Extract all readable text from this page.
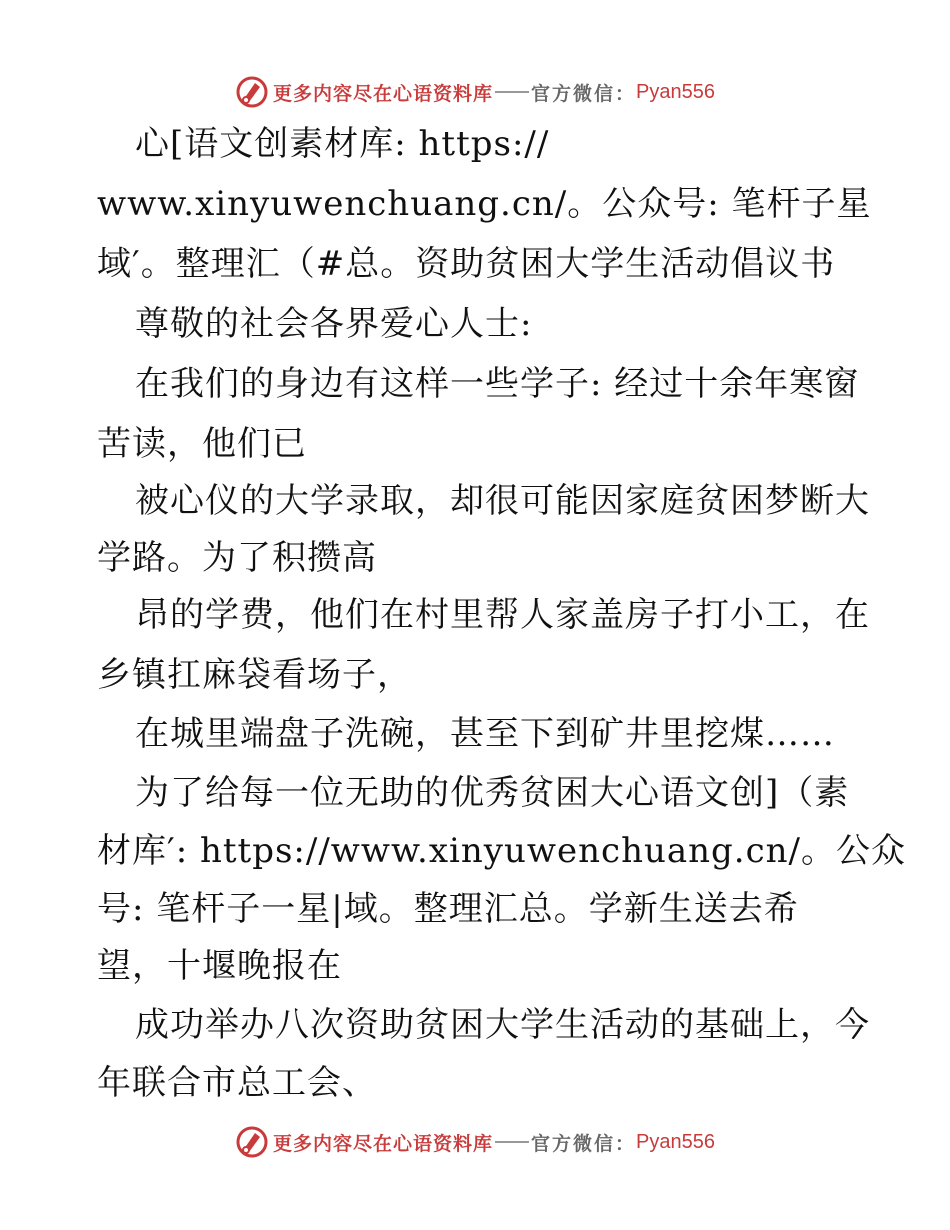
更多内容尽在心语资料库 官方微信： Pyan556

心[语文创素材库: https://

www.xinyuwenchuang.cn/。公众号: 笔杆子星

域′。整理汇（#总。资助贫困大学生活动倡议书

尊敬的社会各界爱心人士:

在我们的身边有这样一些学子: 经过十余年寒窗

苦读，他们已

被心仪的大学录取，却很可能因家庭贫困梦断大

学路。为了积攒高

昂的学费，他们在村里帮人家盖房子打小工，在

乡镇扛麻袋看场子，

在城里端盘子洗碗，甚至下到矿井里挖煤……

为了给每一位无助的优秀贫困大心语文创]（素

材库′: https://www.xinyuwenchuang.cn/。公众

号: 笔杆子一星|域。整理汇总。学新生送去希

望，十堰晚报在

成功举办八次资助贫困大学生活动的基础上，今

年联合市总工会、

更多内容尽在心语资料库 官方微信： Pyan556
